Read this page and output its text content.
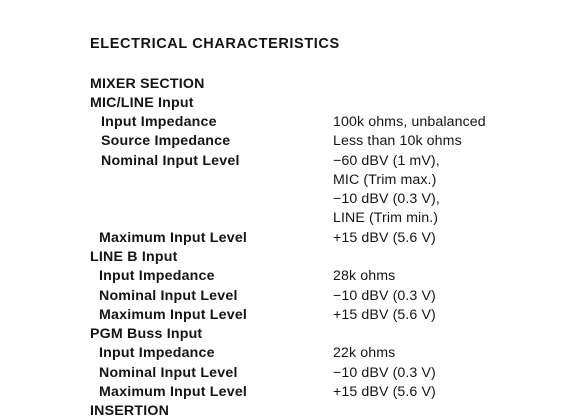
ELECTRICAL CHARACTERISTICS
MIXER SECTION
MIC/LINE Input
Input Impedance	100k ohms, unbalanced
Source Impedance	Less than 10k ohms
Nominal Input Level	−60 dBV (1 mV),
MIC (Trim max.)
−10 dBV (0.3 V),
LINE (Trim min.)
Maximum Input Level	+15 dBV (5.6 V)
LINE B Input
Input Impedance	28k ohms
Nominal Input Level	−10 dBV (0.3 V)
Maximum Input Level	+15 dBV (5.6 V)
PGM Buss Input
Input Impedance	22k ohms
Nominal Input Level	−10 dBV (0.3 V)
Maximum Input Level	+15 dBV (5.6 V)
INSERTION
